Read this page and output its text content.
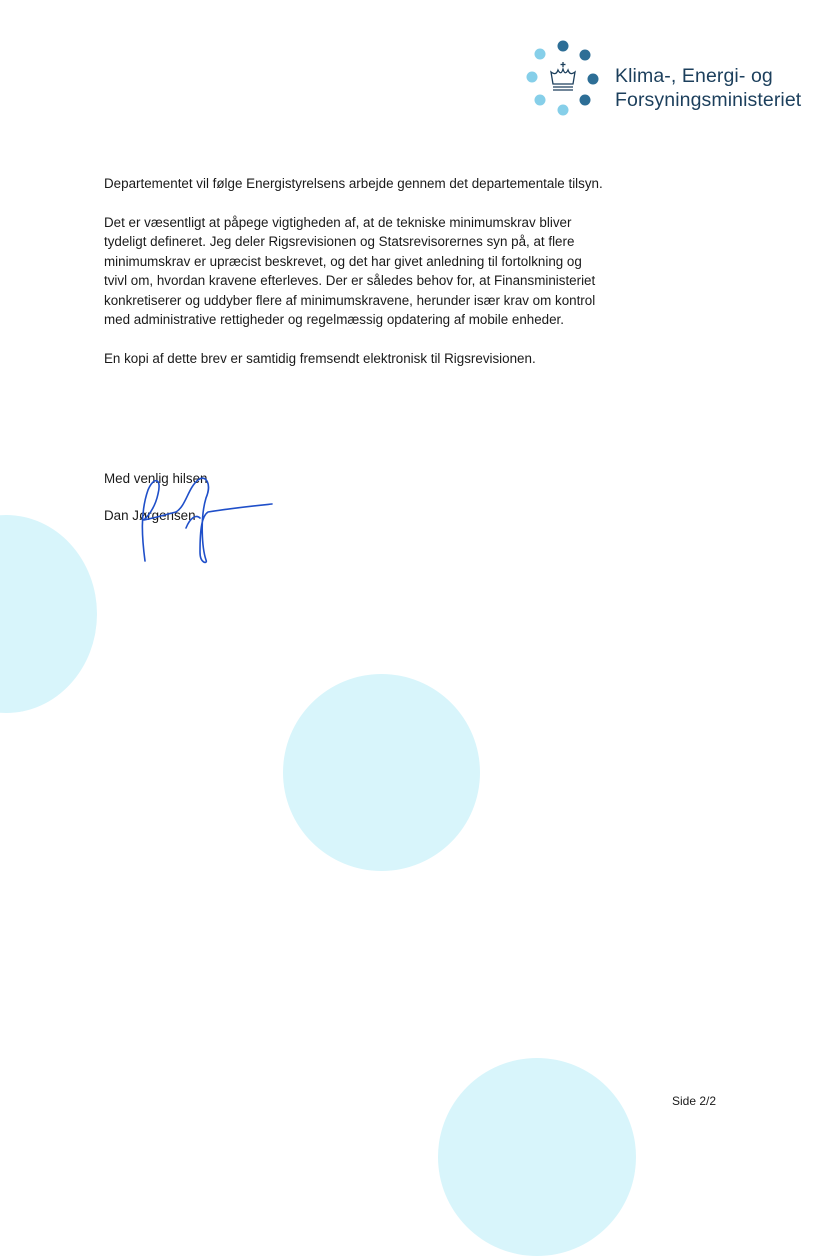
Klima-, Energi- og
Forsyningsministeriet

Departementet vil følge Energistyrelsens arbejde gennem det departementale tilsyn.

Det er væsentligt at påpege vigtigheden af, at de tekniske minimumskrav bliver tydeligt defineret. Jeg deler Rigsrevisionen og Statsrevisorernes syn på, at flere minimumskrav er upræcist beskrevet, og det har givet anledning til fortolkning og tvivl om, hvordan kravene efterleves. Der er således behov for, at Finansministeriet konkretiserer og uddyber flere af minimumskravene, herunder især krav om kontrol med administrative rettigheder og regelmæssig opdatering af mobile enheder.

En kopi af dette brev er samtidig fremsendt elektronisk til Rigsrevisionen.

Med venlig hilsen
Dan Jørgensen
Side 2/2
